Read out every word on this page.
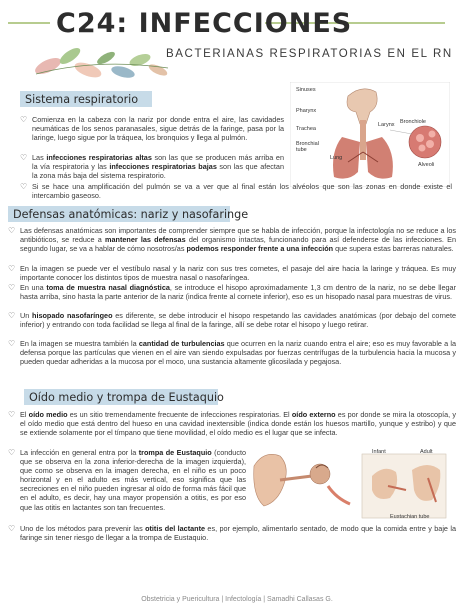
C24: INFECCIONES
BACTERIANAS RESPIRATORIAS EN EL RN
Sistema respiratorio
Sinuses
Pharynx
Trachea
Bronchial tube
Lung
Larynx Bronchiole
Alveoli
♡ Comienza en la cabeza con la nariz por donde entra el aire, las cavidades neumáticas de los senos paranasales, sigue detrás de la faringe, pasa por la laringe, luego sigue por la tráquea, los bronquios y llega al pulmón.

♡ Las infecciones respiratorias altas son las que se producen más arriba en la vía respiratoria y las infecciones respiratorias bajas son las que afectan la zona más baja del sistema respiratorio.

♡ Si se hace una amplificación del pulmón se va a ver que al final están los alvéolos que son las zonas en donde existe el intercambio gaseoso.

Defensas anatómicas: nariz y nasofaringe
♡ Las defensas anatómicas son importantes de comprender siempre que se habla de infección, porque la infectología no se reduce a los antibióticos, se reduce a mantener las defensas del organismo intactas, funcionando para así defenderse de las infecciones. En segundo lugar, se va a hablar de cómo nosotros/as podemos responder frente a una infección que supera estas barreras naturales.

♡ En la imagen se puede ver el vestíbulo nasal y la nariz con sus tres cornetes, el pasaje del aire hacia la laringe y tráquea. Es muy importante conocer los distintos tipos de muestra nasal o nasofaríngea.

♡ En una toma de muestra nasal diagnóstica, se introduce el hisopo aproximadamente 1,3 cm dentro de la nariz, no se debe llegar hasta arriba, sino hasta la parte anterior de la nariz (indica frente al cornete inferior), eso es un hisopado nasal para muestras de virus.

♡ Un hisopado nasofaríngeo es diferente, se debe introducir el hisopo respetando las cavidades anatómicas (por debajo del cornete inferior) y entrando con toda facilidad se llega al final de la faringe, allí se debe rotar el hisopo y luego retirar.

♡ En la imagen se muestra también la cantidad de turbulencias que ocurren en la nariz cuando entra el aire; eso es muy favorable a la defensa porque las partículas que vienen en el aire van siendo expulsadas por fuerzas centrífugas de la turbulencia hacia la mucosa y pueden quedar adheridas a la mucosa por el moco, una sustancia altamente glicosilada y pegajosa.

Oído medio y trompa de Eustaquio
♡ El oído medio es un sitio tremendamente frecuente de infecciones respiratorias. El oído externo es por donde se mira la otoscopía, y el oído medio que está dentro del hueso en una cavidad inextensible (indica donde están los huesos martillo, yunque y estribo) y que se extiende solamente por el tímpano que tiene movilidad, el oído medio es el lugar que se infecta.

♡ La infección en general entra por la trompa de Eustaquio (conducto que se observa en la zona inferior-derecha de la imagen izquierda), que como se observa en la imagen derecha, en el niño es un poco horizontal y en el adulto es más vertical, eso significa que las secreciones en el niño pueden ingresar al oído de forma más fácil que en el adulto, es decir, hay una mayor propensión a otitis, es por eso que las otitis en lactantes son tan frecuentes.

Infant	Adult
Eustachian tube
♡ Uno de los métodos para prevenir las otitis del lactante es, por ejemplo, alimentarlo sentado, de modo que la comida entre y baje la faringe sin tener riesgo de llegar a la trompa de Eustaquio.

Obstetricia y Puericultura | Infectología | Samadhi Callasas G.
